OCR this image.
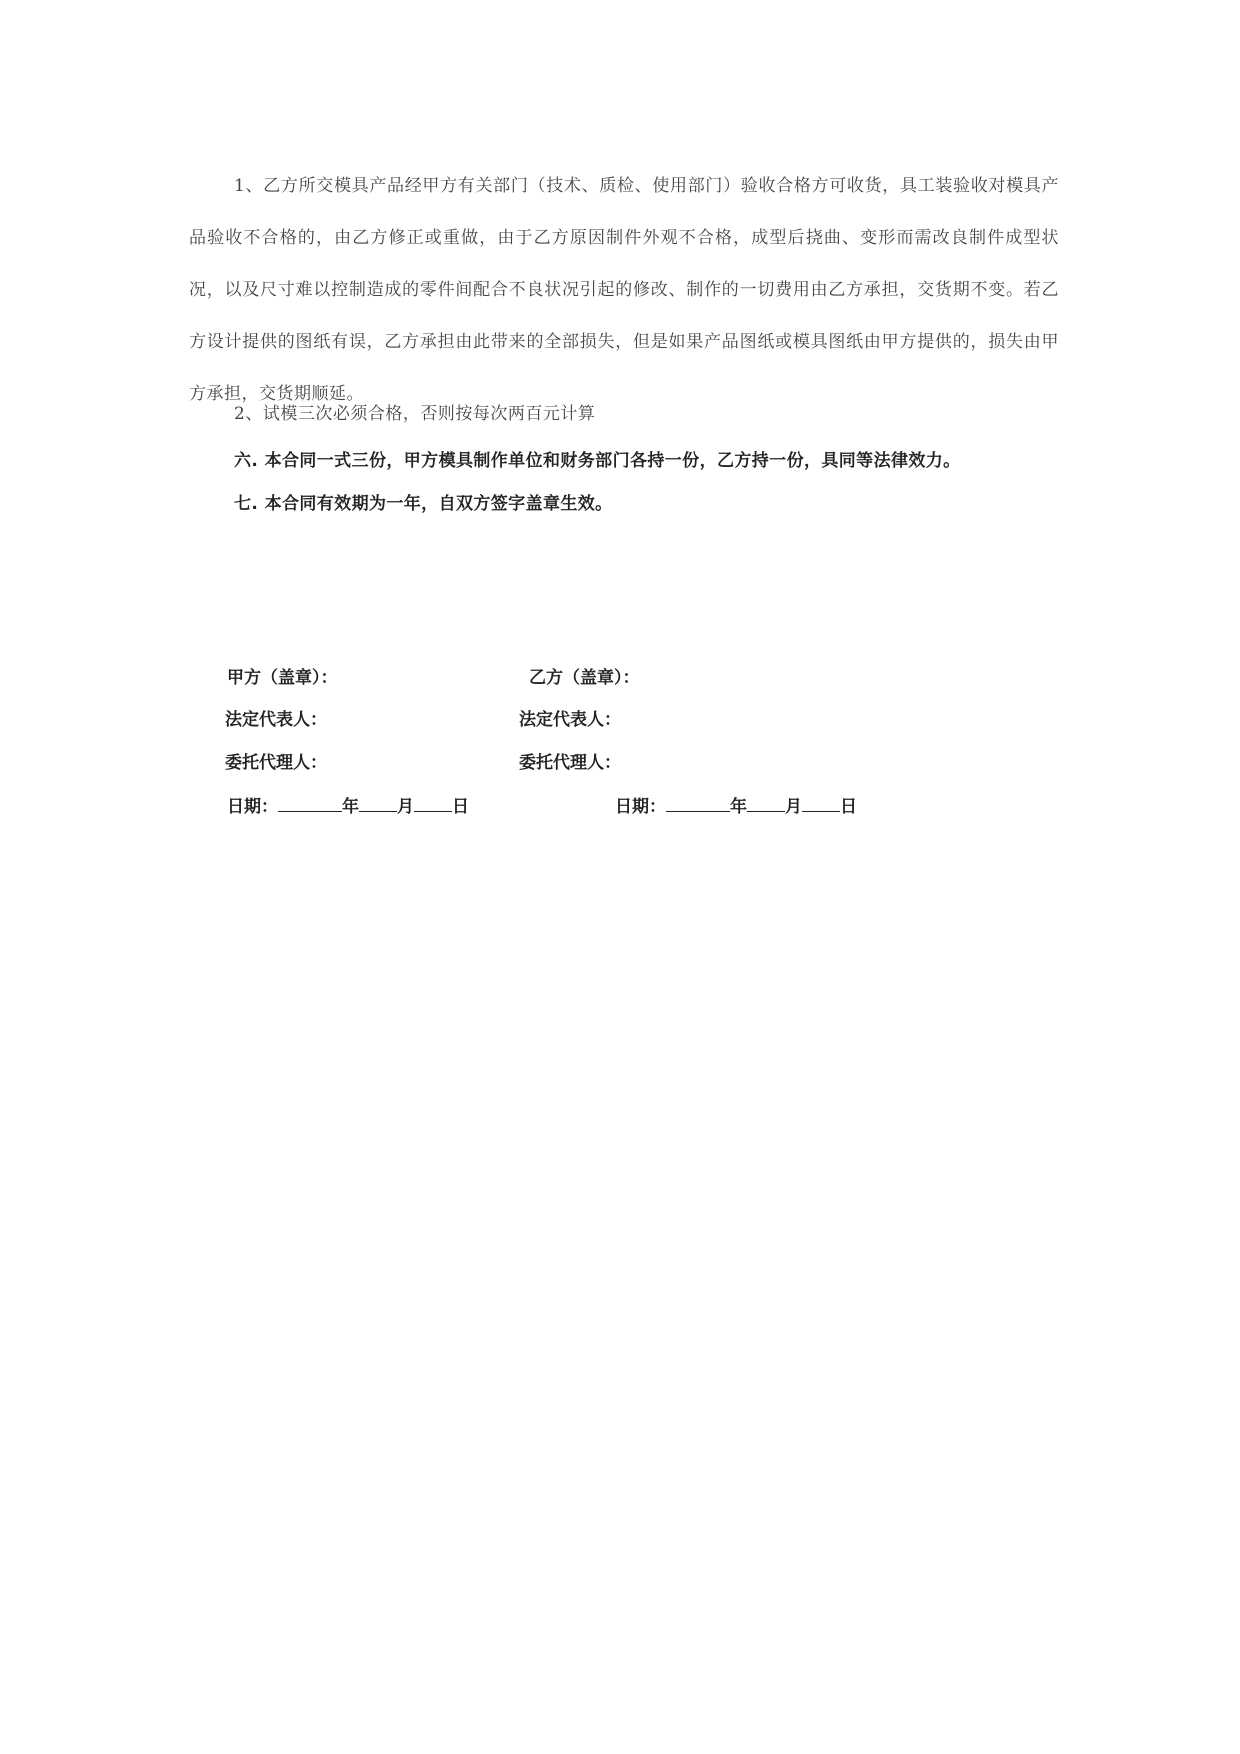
1、乙方所交模具产品经甲方有关部门（技术、质检、使用部门）验收合格方可收货，具工装验收对模具产品验收不合格的，由乙方修正或重做，由于乙方原因制件外观不合格，成型后挠曲、变形而需改良制件成型状况，以及尺寸难以控制造成的零件间配合不良状况引起的修改、制作的一切费用由乙方承担，交货期不变。若乙方设计提供的图纸有误，乙方承担由此带来的全部损失，但是如果产品图纸或模具图纸由甲方提供的，损失由甲方承担，交货期顺延。
2、试模三次必须合格，否则按每次两百元计算
六. 本合同一式三份，甲方模具制作单位和财务部门各持一份，乙方持一份，具同等法律效力。
七. 本合同有效期为一年，自双方签字盖章生效。
甲方（盖章）：
法定代表人：
委托代理人：
日期：	年 月 日
乙方（盖章）：
法定代表人：
委托代理人：
日期：	年 月 日
